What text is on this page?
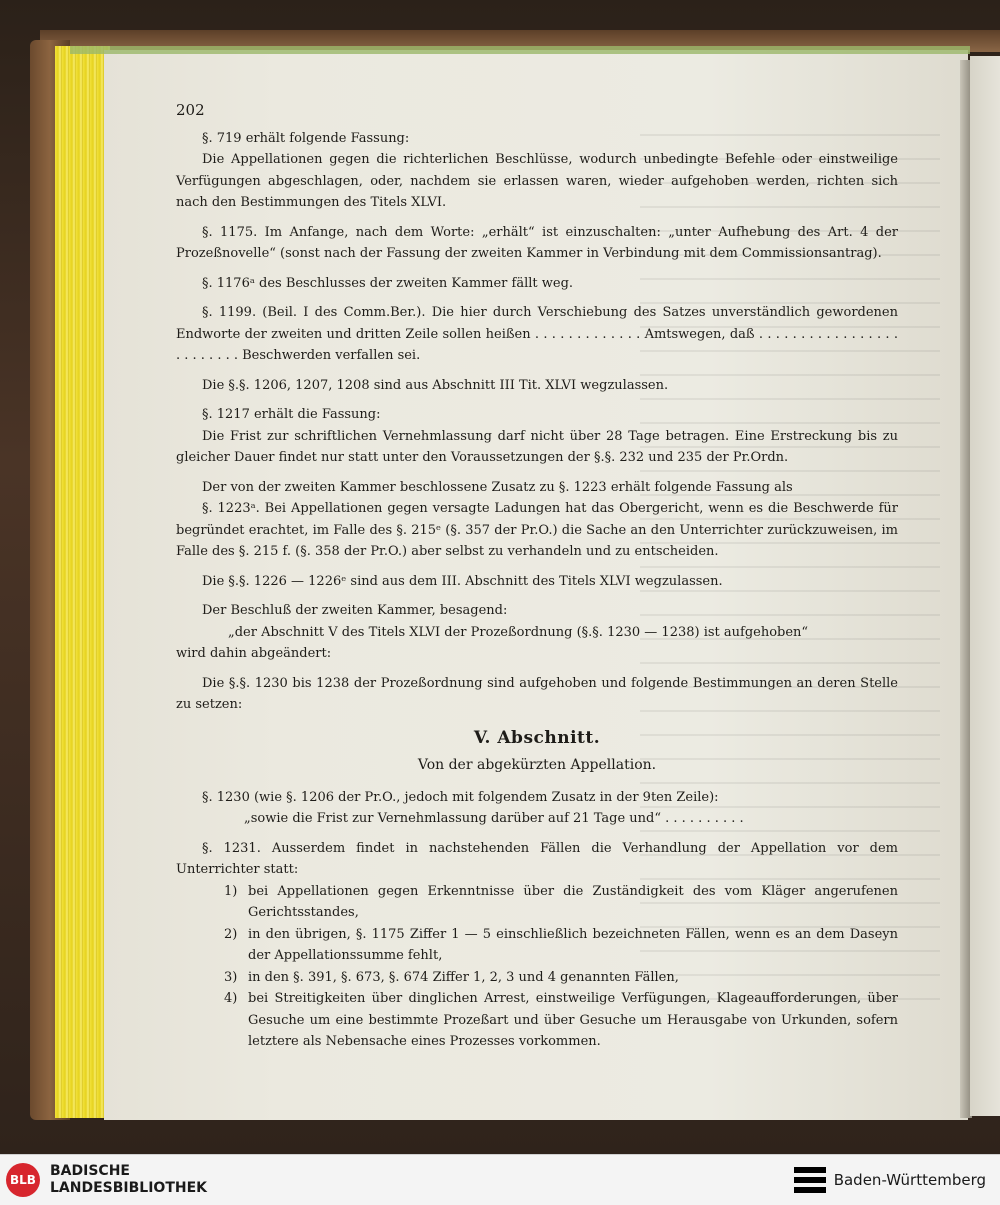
202

§. 719 erhält folgende Fassung:

Die Appellationen gegen die richterlichen Beschlüsse, wodurch unbedingte Befehle oder einstweilige Verfügungen abgeschlagen, oder, nachdem sie erlassen waren, wieder aufgehoben werden, richten sich nach den Bestimmungen des Titels XLVI.

§. 1175. Im Anfange, nach dem Worte: „erhält“ ist einzuschalten: „unter Aufhebung des Art. 4 der Prozeßnovelle“ (sonst nach der Fassung der zweiten Kammer in Verbindung mit dem Commissionsantrag).

§. 1176ᵃ des Beschlusses der zweiten Kammer fällt weg.

§. 1199. (Beil. I des Comm.Ber.). Die hier durch Verschiebung des Satzes unverständlich gewordenen Endworte der zweiten und dritten Zeile sollen heißen . . . . . . . . . . . . . Amtswegen, daß . . . . . . . . . . . . . . . . . . . . . . . . . Beschwerden verfallen sei.

Die §.§. 1206, 1207, 1208 sind aus Abschnitt III Tit. XLVI wegzulassen.

§. 1217 erhält die Fassung:

Die Frist zur schriftlichen Vernehmlassung darf nicht über 28 Tage betragen. Eine Erstreckung bis zu gleicher Dauer findet nur statt unter den Voraussetzungen der §.§. 232 und 235 der Pr.Ordn.

Der von der zweiten Kammer beschlossene Zusatz zu §. 1223 erhält folgende Fassung als

§. 1223ᵃ. Bei Appellationen gegen versagte Ladungen hat das Obergericht, wenn es die Beschwerde für begründet erachtet, im Falle des §. 215ᵉ (§. 357 der Pr.O.) die Sache an den Unterrichter zurückzuweisen, im Falle des §. 215 f. (§. 358 der Pr.O.) aber selbst zu verhandeln und zu entscheiden.

Die §.§. 1226 — 1226ᵉ sind aus dem III. Abschnitt des Titels XLVI wegzulassen.

Der Beschluß der zweiten Kammer, besagend:

„der Abschnitt V des Titels XLVI der Prozeßordnung (§.§. 1230 — 1238) ist aufgehoben“

wird dahin abgeändert:

Die §.§. 1230 bis 1238 der Prozeßordnung sind aufgehoben und folgende Bestimmungen an deren Stelle zu setzen:

V. Abschnitt.
Von der abgekürzten Appellation.

§. 1230 (wie §. 1206 der Pr.O., jedoch mit folgendem Zusatz in der 9ten Zeile):

„sowie die Frist zur Vernehmlassung darüber auf 21 Tage und“ . . . . . . . . . .

§. 1231. Ausserdem findet in nachstehenden Fällen die Verhandlung der Appellation vor dem Unterrichter statt:

1) bei Appellationen gegen Erkenntnisse über die Zuständigkeit des vom Kläger angerufenen Gerichtsstandes,
2) in den übrigen, §. 1175 Ziffer 1 — 5 einschließlich bezeichneten Fällen, wenn es an dem Daseyn der Appellationssumme fehlt,
3) in den §. 391, §. 673, §. 674 Ziffer 1, 2, 3 und 4 genannten Fällen,
4) bei Streitigkeiten über dinglichen Arrest, einstweilige Verfügungen, Klageaufforderungen, über Gesuche um eine bestimmte Prozeßart und über Gesuche um Herausgabe von Urkunden, sofern letztere als Nebensache eines Prozesses vorkommen.
BLB
BADISCHE
LANDESBIBLIOTHEK	Baden-Württemberg
